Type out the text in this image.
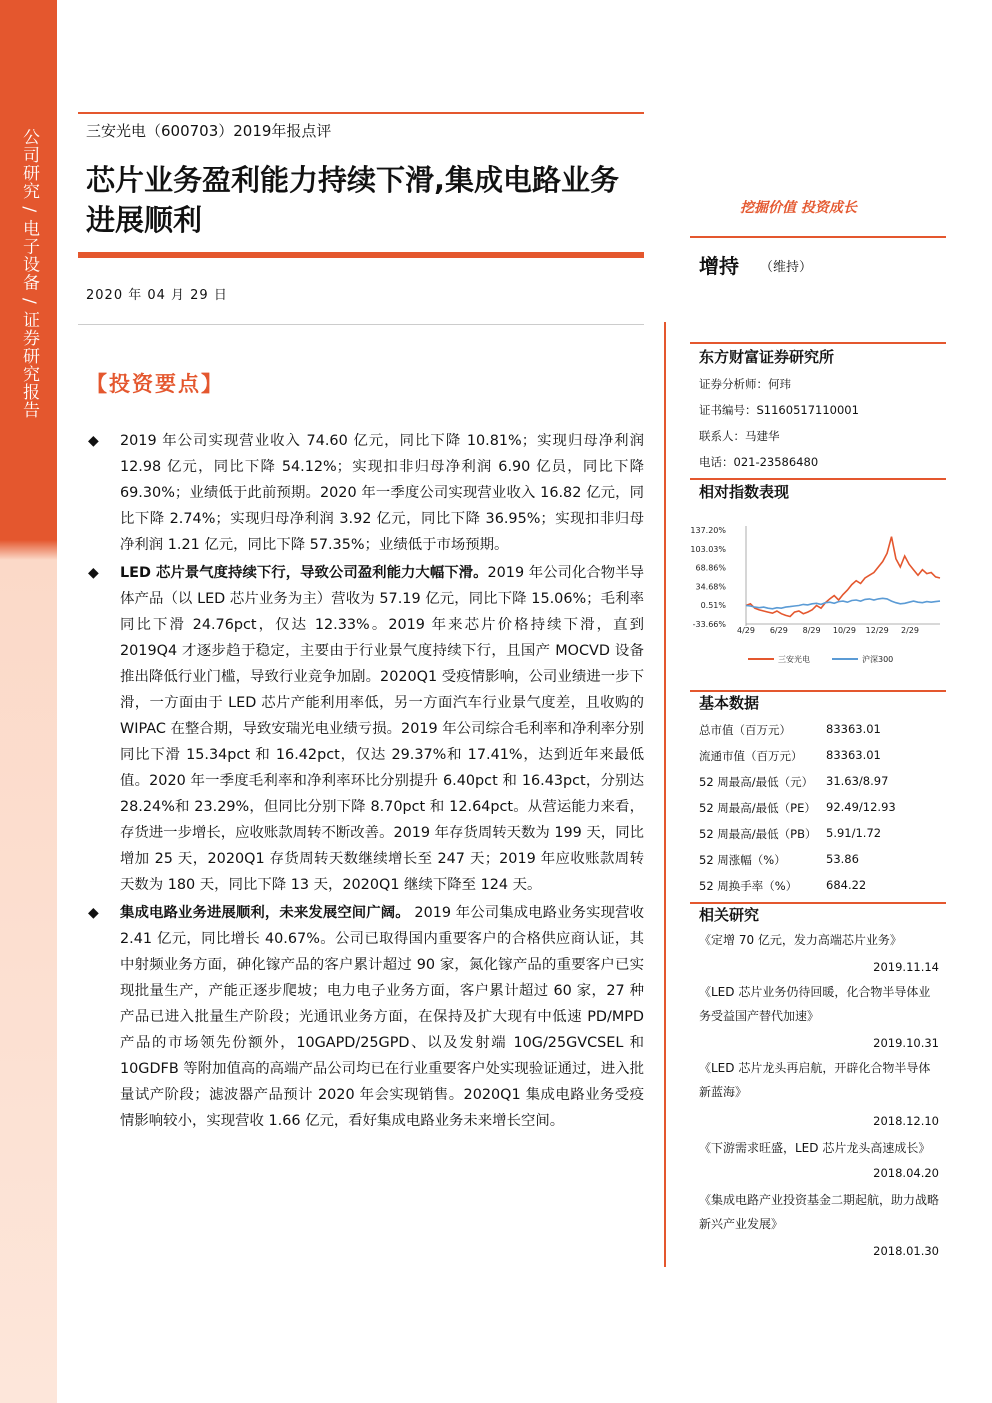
公司研究 / 电子设备 / 证券研究报告	三安光电（600703）2019年报点评
芯片业务盈利能力持续下滑,集成电路业务进展顺利
2020 年 04 月 29 日
【投资要点】
◆ 2019 年公司实现营业收入 74.60 亿元，同比下降 10.81%；实现归母净利润 12.98 亿元，同比下降 54.12%；实现扣非归母净利润 6.90 亿员，同比下降 69.30%；业绩低于此前预期。2020 年一季度公司实现营业收入 16.82 亿元，同比下降 2.74%；实现归母净利润 3.92 亿元，同比下降 36.95%；实现扣非归母净利润 1.21 亿元，同比下降 57.35%；业绩低于市场预期。
◆ LED 芯片景气度持续下行，导致公司盈利能力大幅下滑。2019 年公司化合物半导体产品（以 LED 芯片业务为主）营收为 57.19 亿元，同比下降 15.06%；毛利率同比下滑 24.76pct，仅达 12.33%。2019 年来芯片价格持续下滑，直到 2019Q4 才逐步趋于稳定，主要由于行业景气度持续下行，且国产 MOCVD 设备推出降低行业门槛，导致行业竞争加剧。2020Q1 受疫情影响，公司业绩进一步下滑，一方面由于 LED 芯片产能利用率低，另一方面汽车行业景气度差，且收购的 WIPAC 在整合期，导致安瑞光电业绩亏损。2019 年公司综合毛利率和净利率分别同比下滑 15.34pct 和 16.42pct，仅达 29.37%和 17.41%，达到近年来最低值。2020 年一季度毛利率和净利率环比分别提升 6.40pct 和 16.43pct，分别达 28.24%和 23.29%，但同比分别下降 8.70pct 和 12.64pct。从营运能力来看，存货进一步增长，应收账款周转不断改善。2019 年存货周转天数为 199 天，同比增加 25 天，2020Q1 存货周转天数继续增长至 247 天；2019 年应收账款周转天数为 180 天，同比下降 13 天，2020Q1 继续下降至 124 天。
◆ 集成电路业务进展顺利，未来发展空间广阔。 2019 年公司集成电路业务实现营收 2.41 亿元，同比增长 40.67%。公司已取得国内重要客户的合格供应商认证，其中射频业务方面，砷化镓产品的客户累计超过 90 家，氮化镓产品的重要客户已实现批量生产，产能正逐步爬坡；电力电子业务方面，客户累计超过 60 家，27 种产品已进入批量生产阶段；光通讯业务方面，在保持及扩大现有中低速 PD/MPD 产品的市场领先份额外，10GAPD/25GPD、以及发射端 10G/25GVCSEL 和 10GDFB 等附加值高的高端产品公司均已在行业重要客户处实现验证通过，进入批量试产阶段；滤波器产品预计 2020 年会实现销售。2020Q1 集成电路业务受疫情影响较小，实现营收 1.66 亿元，看好集成电路业务未来增长空间。
挖掘价值 投资成长
增持 （维持）
东方财富证券研究所
证券分析师：何玮
证书编号：S1160517110001
联系人：马建华
电话：021-23586480
相对指数表现
137.20%
103.03%
68.86%
34.68%
0.51%
-33.66%
4/29 6/29 8/29 10/29 12/29 2/29
三安光电	沪深300
基本数据
总市值（百万元）	83363.01
流通市值（百万元） 83363.01
52 周最高/最低（元） 31.63/8.97
52 周最高/最低（PE） 92.49/12.93
52 周最高/最低（PB） 5.91/1.72
52 周涨幅（%）	53.86
52 周换手率（%）	684.22
相关研究
《定增 70 亿元，发力高端芯片业务》
2019.11.14
《LED 芯片业务仍待回暖，化合物半导体业务受益国产替代加速》
2019.10.31
《LED 芯片龙头再启航，开辟化合物半导体新蓝海》
2018.12.10
《下游需求旺盛，LED 芯片龙头高速成长》
2018.04.20
《集成电路产业投资基金二期起航，助力战略新兴产业发展》
2018.01.30
